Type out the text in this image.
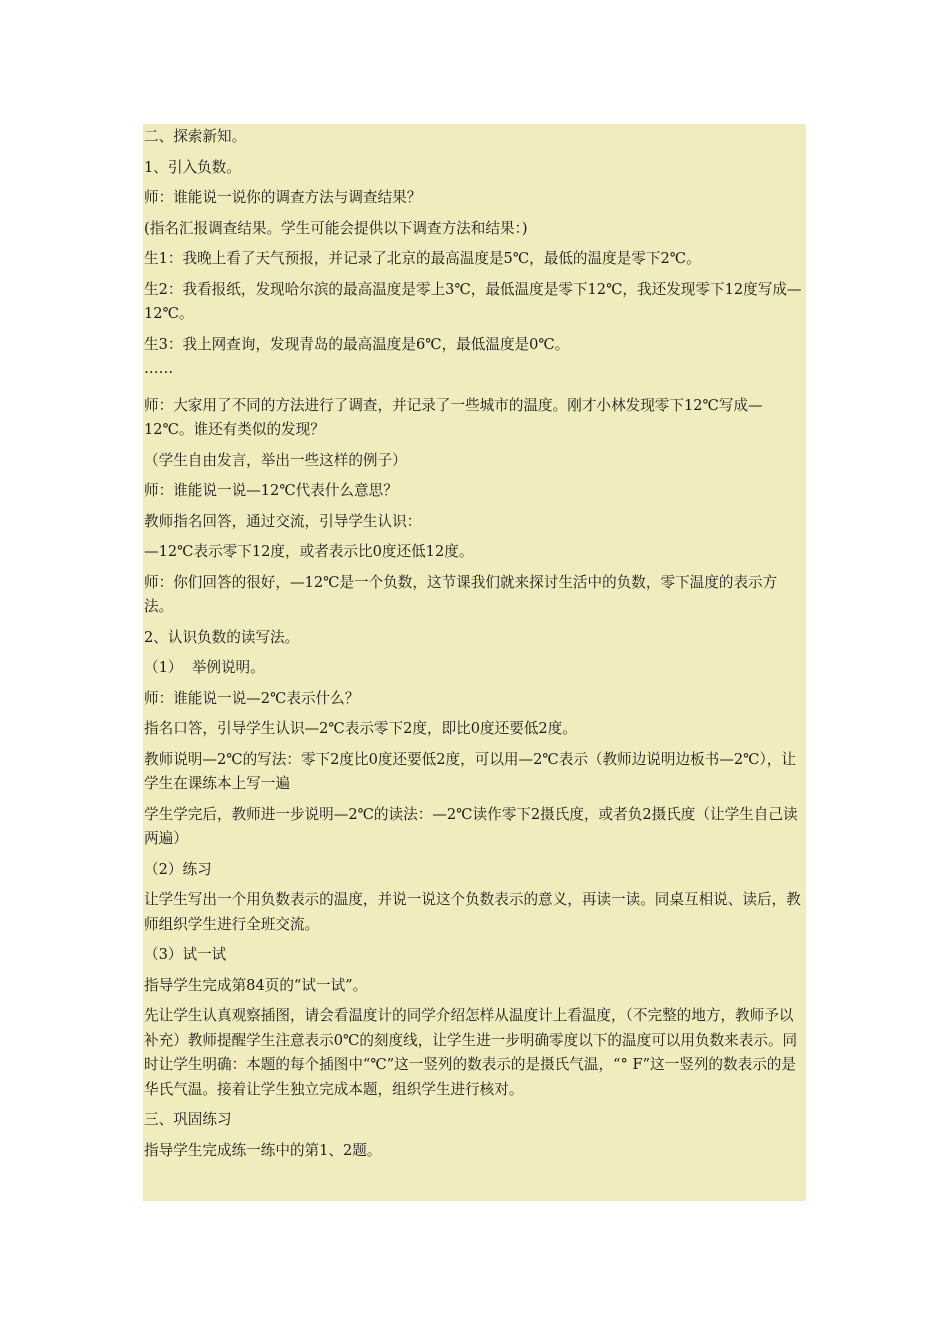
二、探索新知。

1、引入负数。

师：谁能说一说你的调查方法与调查结果？

(指名汇报调查结果。学生可能会提供以下调查方法和结果：)

生1：我晚上看了天气预报，并记录了北京的最高温度是5℃，最低的温度是零下2℃。

生2：我看报纸，发现哈尔滨的最高温度是零上3℃，最低温度是零下12℃，我还发现零下12度写成—12℃。

生3：我上网查询，发现青岛的最高温度是6℃，最低温度是0℃。

……

师：大家用了不同的方法进行了调查，并记录了一些城市的温度。刚才小林发现零下12℃写成—12℃。谁还有类似的发现？

（学生自由发言，举出一些这样的例子）

师：谁能说一说—12℃代表什么意思？

教师指名回答，通过交流，引导学生认识：

—12℃表示零下12度，或者表示比0度还低12度。

师：你们回答的很好，—12℃是一个负数，这节课我们就来探讨生活中的负数，零下温度的表示方法。

2、认识负数的读写法。

（1）  举例说明。

师：谁能说一说—2℃表示什么？

指名口答，引导学生认识—2℃表示零下2度，即比0度还要低2度。

教师说明—2℃的写法：零下2度比0度还要低2度，可以用—2℃表示（教师边说明边板书—2℃），让学生在课练本上写一遍

学生学完后，教师进一步说明—2℃的读法：—2℃读作零下2摄氏度，或者负2摄氏度（让学生自己读两遍）

（2）练习

让学生写出一个用负数表示的温度，并说一说这个负数表示的意义，再读一读。同桌互相说、读后，教师组织学生进行全班交流。

（3）试一试

指导学生完成第84页的“试一试”。

先让学生认真观察插图，请会看温度计的同学介绍怎样从温度计上看温度，（不完整的地方，教师予以补充）教师提醒学生注意表示0℃的刻度线，让学生进一步明确零度以下的温度可以用负数来表示。同时让学生明确：本题的每个插图中“℃”这一竖列的数表示的是摄氏气温，“° F”这一竖列的数表示的是华氏气温。接着让学生独立完成本题，组织学生进行核对。

三、巩固练习

指导学生完成练一练中的第1、2题。
